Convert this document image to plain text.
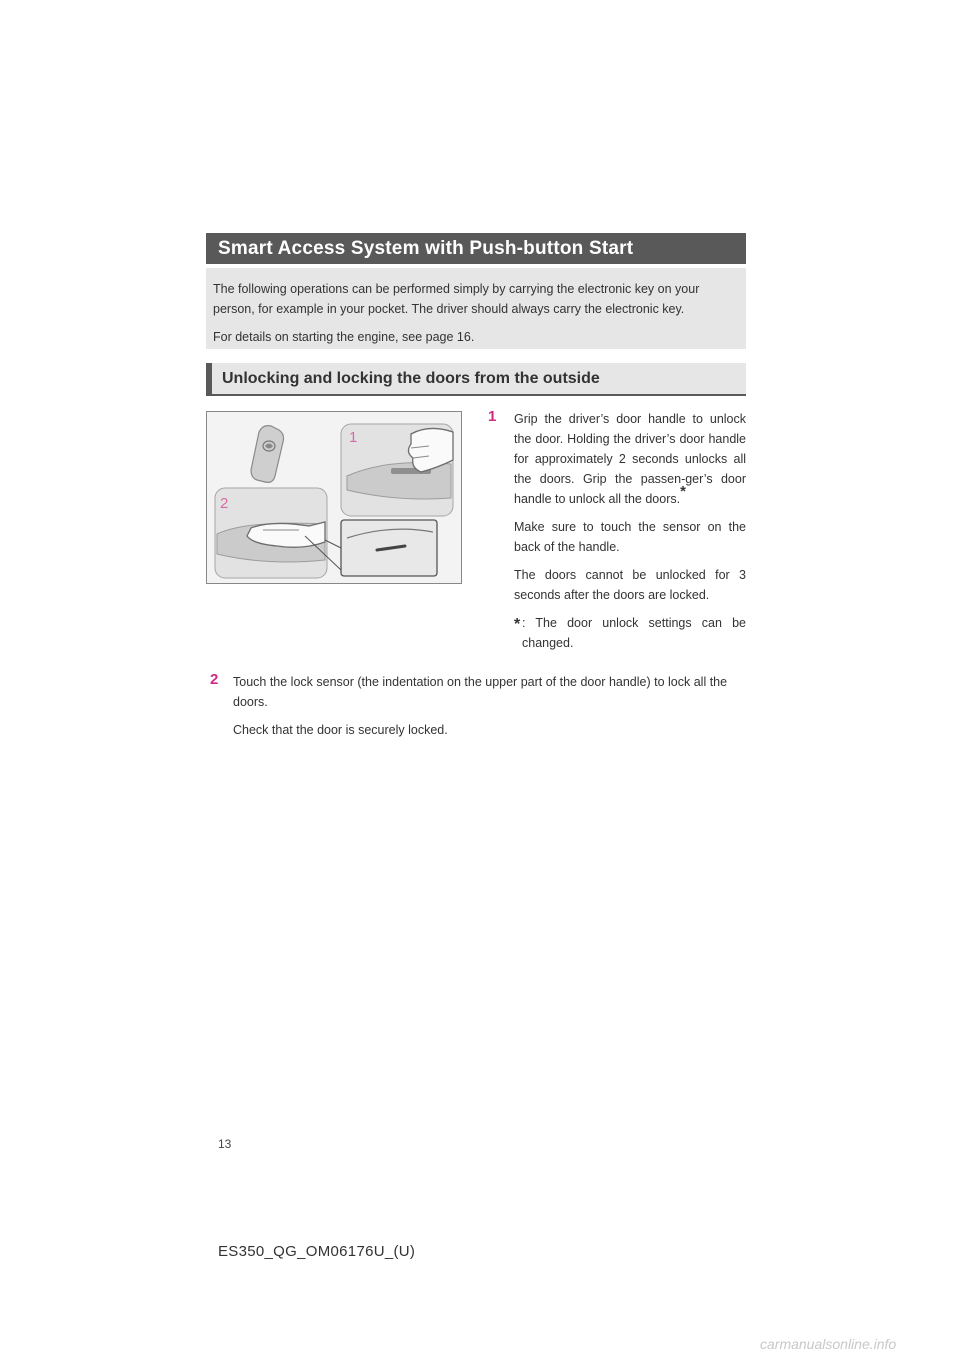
Smart Access System with Push-button Start

The following operations can be performed simply by carrying the electronic key on your person, for example in your pocket. The driver should always carry the electronic key.

For details on starting the engine, see page 16.

Unlocking and locking the doors from the outside
1
2
1 Grip the driver’s door handle to unlock the door. Holding the driver’s door handle for approximately 2 seconds unlocks all the doors. Grip the passen-ger’s door handle to unlock all the doors.*

Make sure to touch the sensor on the back of the handle.

The doors cannot be unlocked for 3 seconds after the doors are locked.

* : The door unlock settings can be changed.
2 Touch the lock sensor (the indentation on the upper part of the door handle) to lock all the doors.

Check that the door is securely locked.

13
ES350_QG_OM06176U_(U)
carmanualsonline.info
